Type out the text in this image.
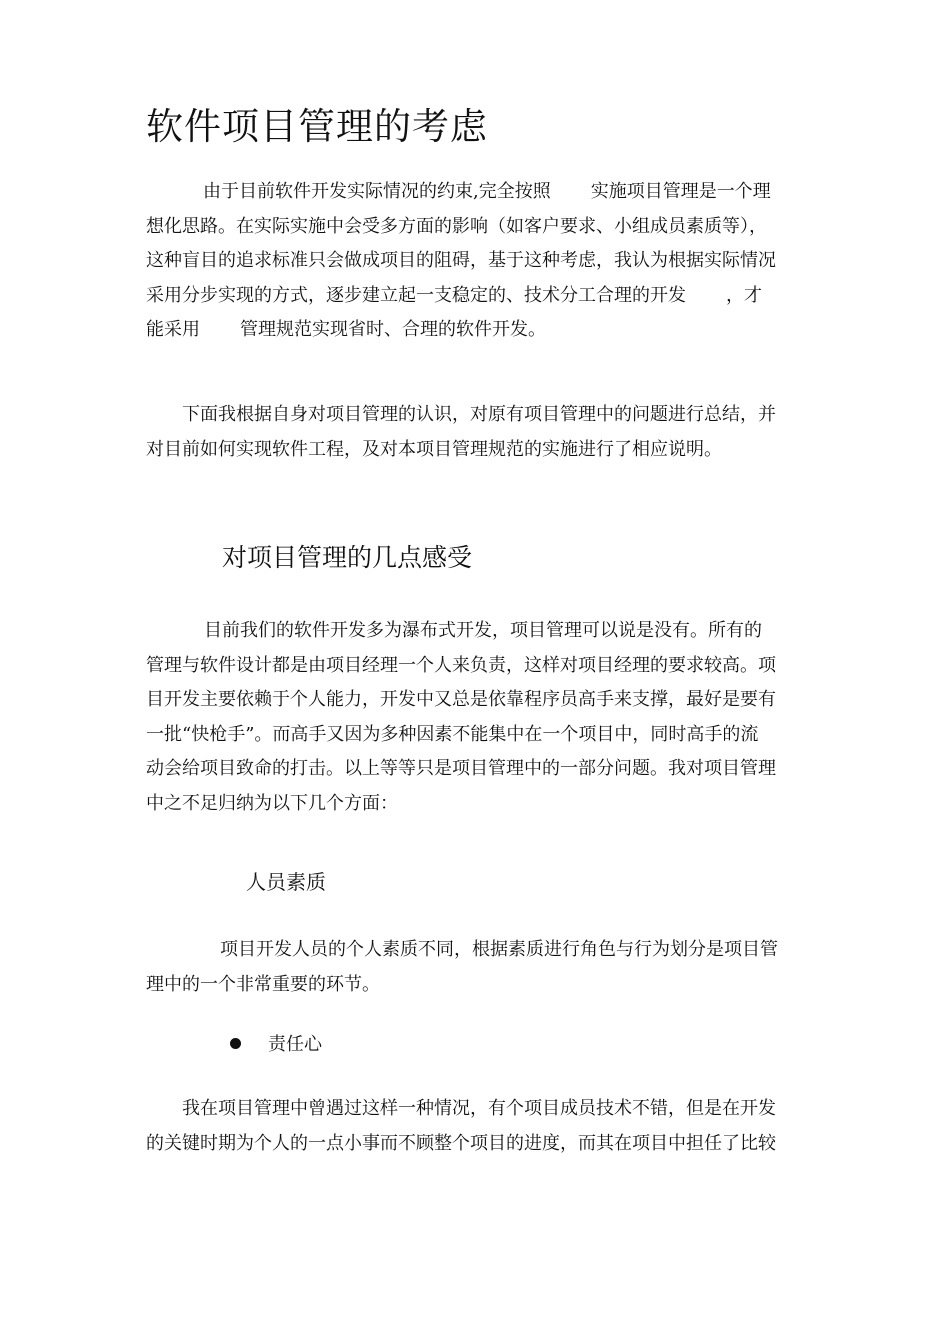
软件项目管理的考虑
由于目前软件开发实际情况的约束,完全按照 实施项目管理是一个理
想化思路。在实际实施中会受多方面的影响（如客户要求、小组成员素质等），
这种盲目的追求标准只会做成项目的阻碍，基于这种考虑，我认为根据实际情况
采用分步实现的方式，逐步建立起一支稳定的、技术分工合理的开发 ，才
能采用 管理规范实现省时、合理的软件开发。
下面我根据自身对项目管理的认识，对原有项目管理中的问题进行总结，并
对目前如何实现软件工程，及对本项目管理规范的实施进行了相应说明。
对项目管理的几点感受
目前我们的软件开发多为瀑布式开发，项目管理可以说是没有。所有的
管理与软件设计都是由项目经理一个人来负责，这样对项目经理的要求较高。项
目开发主要依赖于个人能力，开发中又总是依靠程序员高手来支撑，最好是要有
一批“快枪手”。而高手又因为多种因素不能集中在一个项目中，同时高手的流
动会给项目致命的打击。以上等等只是项目管理中的一部分问题。我对项目管理
中之不足归纳为以下几个方面：
人员素质
项目开发人员的个人素质不同，根据素质进行角色与行为划分是项目管
理中的一个非常重要的环节。
责任心
我在项目管理中曾遇过这样一种情况，有个项目成员技术不错，但是在开发
的关键时期为个人的一点小事而不顾整个项目的进度，而其在项目中担任了比较
